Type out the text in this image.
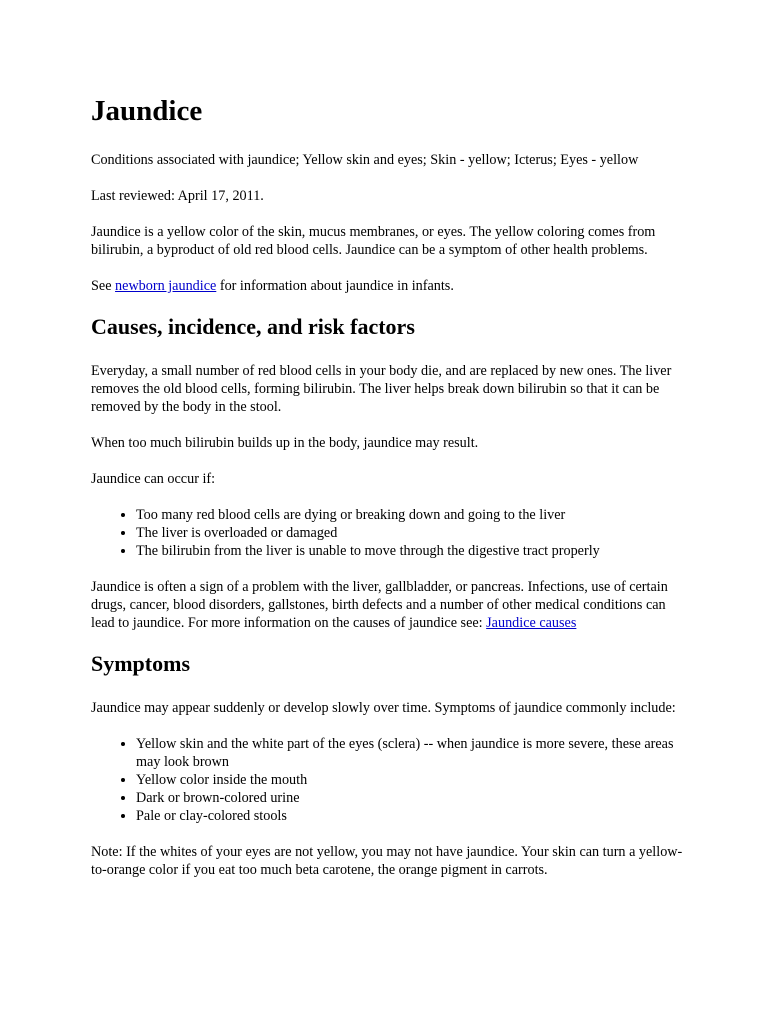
Jaundice

Conditions associated with jaundice; Yellow skin and eyes; Skin - yellow; Icterus; Eyes - yellow

Last reviewed: April 17, 2011.

Jaundice is a yellow color of the skin, mucus membranes, or eyes. The yellow coloring comes from bilirubin, a byproduct of old red blood cells. Jaundice can be a symptom of other health problems.

See newborn jaundice for information about jaundice in infants.

Causes, incidence, and risk factors

Everyday, a small number of red blood cells in your body die, and are replaced by new ones. The liver removes the old blood cells, forming bilirubin. The liver helps break down bilirubin so that it can be removed by the body in the stool.

When too much bilirubin builds up in the body, jaundice may result.

Jaundice can occur if:

• Too many red blood cells are dying or breaking down and going to the liver
• The liver is overloaded or damaged
• The bilirubin from the liver is unable to move through the digestive tract properly

Jaundice is often a sign of a problem with the liver, gallbladder, or pancreas. Infections, use of certain drugs, cancer, blood disorders, gallstones, birth defects and a number of other medical conditions can lead to jaundice. For more information on the causes of jaundice see: Jaundice causes

Symptoms

Jaundice may appear suddenly or develop slowly over time. Symptoms of jaundice commonly include:

• Yellow skin and the white part of the eyes (sclera) -- when jaundice is more severe, these areas may look brown
• Yellow color inside the mouth
• Dark or brown-colored urine
• Pale or clay-colored stools

Note: If the whites of your eyes are not yellow, you may not have jaundice. Your skin can turn a yellow-to-orange color if you eat too much beta carotene, the orange pigment in carrots.
